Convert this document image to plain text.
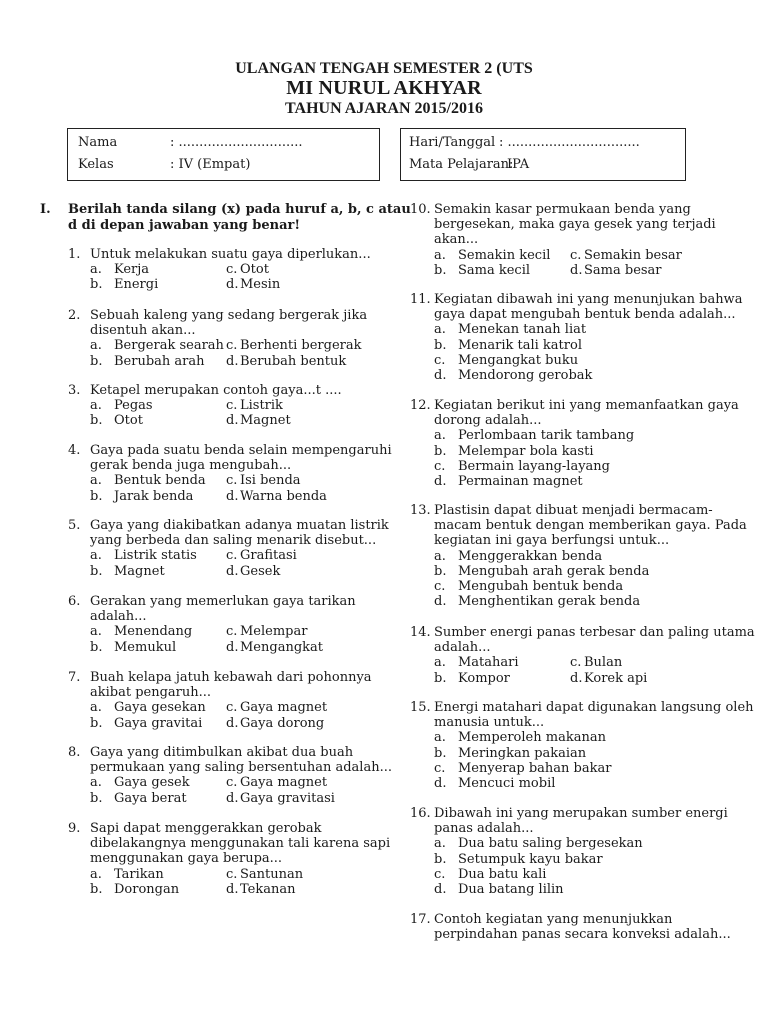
ULANGAN TENGAH SEMESTER 2 (UTS
MI NURUL AKHYAR
TAHUN AJARAN 2015/2016
Nama	: ..............................
Kelas	: IV (Empat)
Hari/Tanggal : ................................
Mata Pelajaran:
IPA
I. Berilah tanda silang (x) pada huruf a, b, c atau
d di depan jawaban yang benar!
1. Untuk melakukan suatu gaya diperlukan...
a. Kerja	c. Otot
b. Energi	d. Mesin
2. Sebuah kaleng yang sedang bergerak jika
disentuh akan...
a. Bergerak searah c. Berhenti bergerak
b. Berubah arah d. Berubah bentuk
3. Ketapel merupakan contoh gaya...t ....
a. Pegas	c. Listrik
b. Otot	d. Magnet
4. Gaya pada suatu benda selain mempengaruhi
gerak benda juga mengubah...
a. Bentuk benda c. Isi benda
b. Jarak benda	d. Warna benda
5. Gaya yang diakibatkan adanya muatan listrik
yang berbeda dan saling menarik disebut...
a. Listrik statis c. Grafitasi
b. Magnet	d. Gesek
6. Gerakan yang memerlukan gaya tarikan
adalah...
a. Menendang	c. Melempar
b. Memukul	d. Mengangkat
7. Buah kelapa jatuh kebawah dari pohonnya
akibat pengaruh...
a. Gaya gesekan c. Gaya magnet
b. Gaya gravitai d. Gaya dorong
8. Gaya yang ditimbulkan akibat dua buah
permukaan yang saling bersentuhan adalah...
a. Gaya gesek	c. Gaya magnet
b. Gaya berat	d. Gaya gravitasi
9. Sapi dapat menggerakkan gerobak
dibelakangnya menggunakan tali karena sapi
menggunakan gaya berupa...
a. Tarikan	c. Santunan
b. Dorongan	d. Tekanan
10. Semakin kasar permukaan benda yang
bergesekan, maka gaya gesek yang terjadi
akan...
a. Semakin kecil c. Semakin besar
b. Sama kecil	d. Sama besar
11. Kegiatan dibawah ini yang menunjukan bahwa
gaya dapat mengubah bentuk benda adalah...
a. Menekan tanah liat
b. Menarik tali katrol
c. Mengangkat buku
d. Mendorong gerobak
12. Kegiatan berikut ini yang memanfaatkan gaya
dorong adalah...
a. Perlombaan tarik tambang
b. Melempar bola kasti
c. Bermain layang-layang
d. Permainan magnet
13. Plastisin dapat dibuat menjadi bermacam-
macam bentuk dengan memberikan gaya. Pada
kegiatan ini gaya berfungsi untuk...
a. Menggerakkan benda
b. Mengubah arah gerak benda
c. Mengubah bentuk benda
d. Menghentikan gerak benda
14. Sumber energi panas terbesar dan paling utama
adalah...
a. Matahari	c. Bulan
b. Kompor	d. Korek api
15. Energi matahari dapat digunakan langsung oleh
manusia untuk...
a. Memperoleh makanan
b. Meringkan pakaian
c. Menyerap bahan bakar
d. Mencuci mobil
16. Dibawah ini yang merupakan sumber energi
panas adalah...
a. Dua batu saling bergesekan
b. Setumpuk kayu bakar
c. Dua batu kali
d. Dua batang lilin
17. Contoh kegiatan yang menunjukkan
perpindahan panas secara konveksi adalah...
